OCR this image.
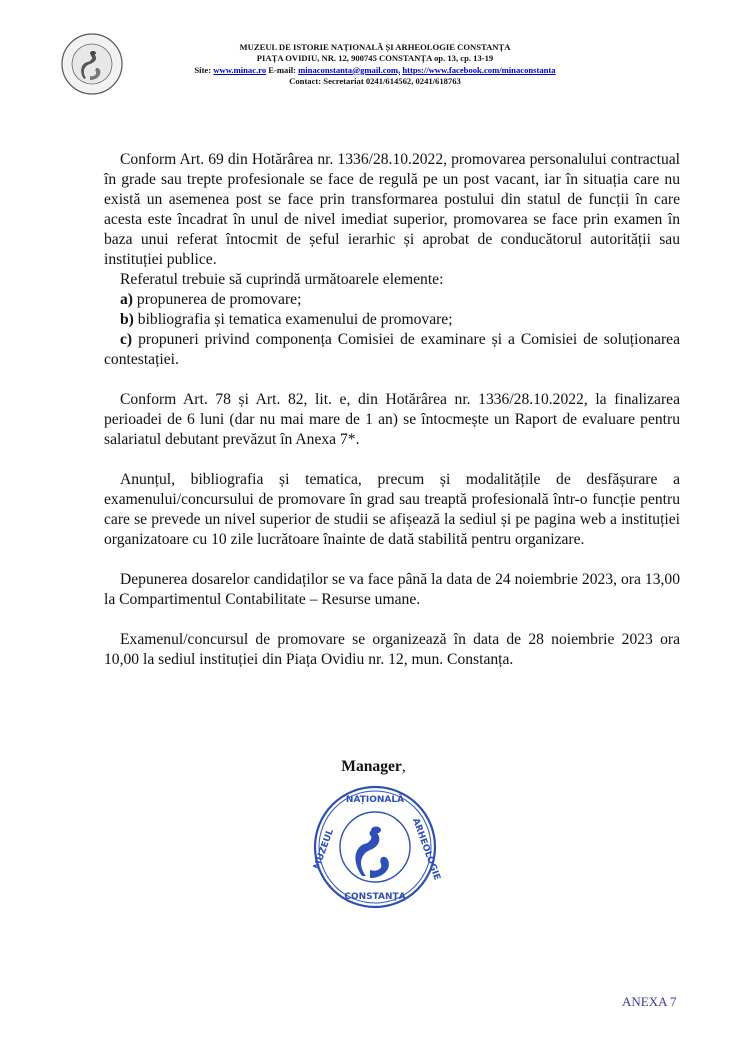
MUZEUL DE ISTORIE NAȚIONALĂ ȘI ARHEOLOGIE CONSTANȚA
PIAȚA OVIDIU, NR. 12, 900745 CONSTANȚA op. 13, cp. 13-19
Site: www.minac.ro E-mail: minaconstanta@gmail.com, https://www.facebook.com/minaconstanta
Contact: Secretariat 0241/614562, 0241/618763

Conform Art. 69 din Hotărârea nr. 1336/28.10.2022, promovarea personalului contractual în grade sau trepte profesionale se face de regulă pe un post vacant, iar în situația care nu există un asemenea post se face prin transformarea postului din statul de funcții în care acesta este încadrat în unul de nivel imediat superior, promovarea se face prin examen în baza unui referat întocmit de șeful ierarhic și aprobat de conducătorul autorității sau instituției publice.

Referatul trebuie să cuprindă următoarele elemente:

a) propunerea de promovare;

b) bibliografia și tematica examenului de promovare;

c) propuneri privind componența Comisiei de examinare și a Comisiei de soluționarea contestației.

Conform Art. 78 și Art. 82, lit. e, din Hotărârea nr. 1336/28.10.2022, la finalizarea perioadei de 6 luni (dar nu mai mare de 1 an) se întocmește un Raport de evaluare pentru salariatul debutant prevăzut în Anexa 7*.

Anunțul, bibliografia și tematica, precum și modalitățile de desfășurare a examenului/concursului de promovare în grad sau treaptă profesională într-o funcție pentru care se prevede un nivel superior de studii se afișează la sediul și pe pagina web a instituției organizatoare cu 10 zile lucrătoare înainte de dată stabilită pentru organizare.

Depunerea dosarelor candidaților se va face până la data de 24 noiembrie 2023, ora 13,00 la Compartimentul Contabilitate – Resurse umane.

Examenul/concursul de promovare se organizează în data de 28 noiembrie 2023 ora 10,00 la sediul instituției din Piața Ovidiu nr. 12, mun. Constanța.

Manager,
NAȚIONALĂ
CONSTANȚA
MUZEUL	ARHEOLOGIE
ANEXA 7
